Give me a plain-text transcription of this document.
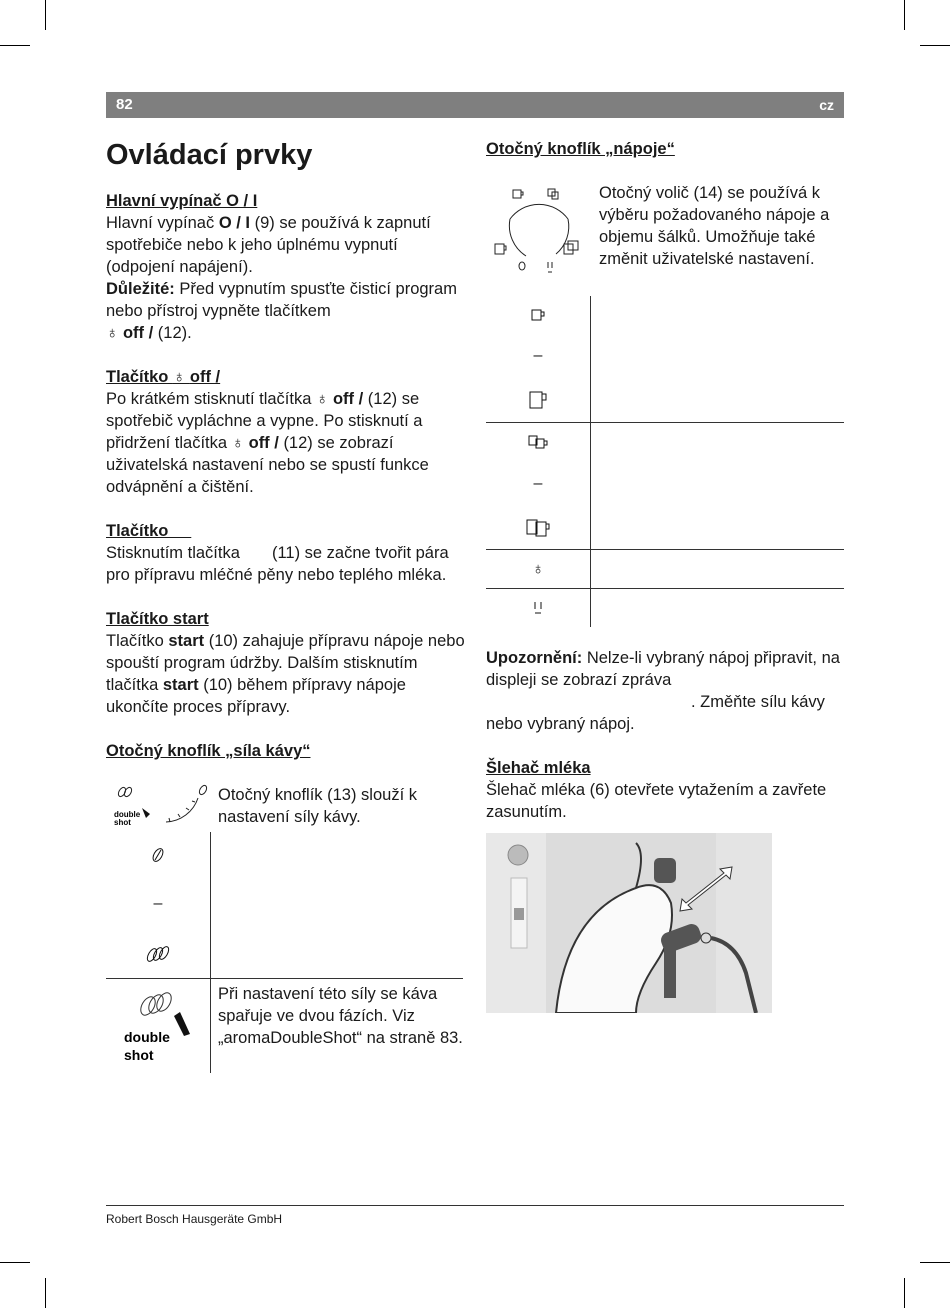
82	cz
Ovládací prvky
Hlavní vypínač O / I

Hlavní vypínač O / I (9) se používá k zapnutí spotřebiče nebo k jeho úplnému vypnutí (odpojení napájení).

Důležité: Před vypnutím spusťte čisticí program nebo přístroj vypněte tlačítkem
♁ off / (12).

Tlačítko ♁ off /

Po krátkém stisknutí tlačítka ♁ off / (12) se spotřebič vypláchne a vypne. Po stisknutí a přidržení tlačítka ♁ off / (12) se zobrazí uživatelská nastavení nebo se spustí funkce odvápnění a čištění.

Tlačítko

Stisknutím tlačítka       (11) se začne tvořit pára pro přípravu mléčné pěny nebo teplého mléka.

Tlačítko start

Tlačítko start (10) zahajuje přípravu nápoje nebo spouští program údržby. Dalším stisknutím tlačítka start (10) během přípravy nápoje ukončíte proces přípravy.

Otočný knoflík „síla kávy“
double
shot
Otočný knoflík (13) slouží k nastavení síly kávy.
–
double
shot
Při nastavení této síly se káva spařuje ve dvou fázích. Viz „aromaDoubleShot“ na straně 83.
Otočný knoflík „nápoje“
Otočný volič (14) se používá k výběru požadovaného nápoje a objemu šálků. Umožňuje také změnit uživatelské nastavení.
–
–
♁

Upozornění: Nelze-li vybraný nápoj připravit, na displeji se zobrazí zpráva
. Změňte sílu kávy nebo vybraný nápoj.

Šlehač mléka

Šlehač mléka (6) otevřete vytažením a zavřete zasunutím.

Robert Bosch Hausgeräte GmbH
